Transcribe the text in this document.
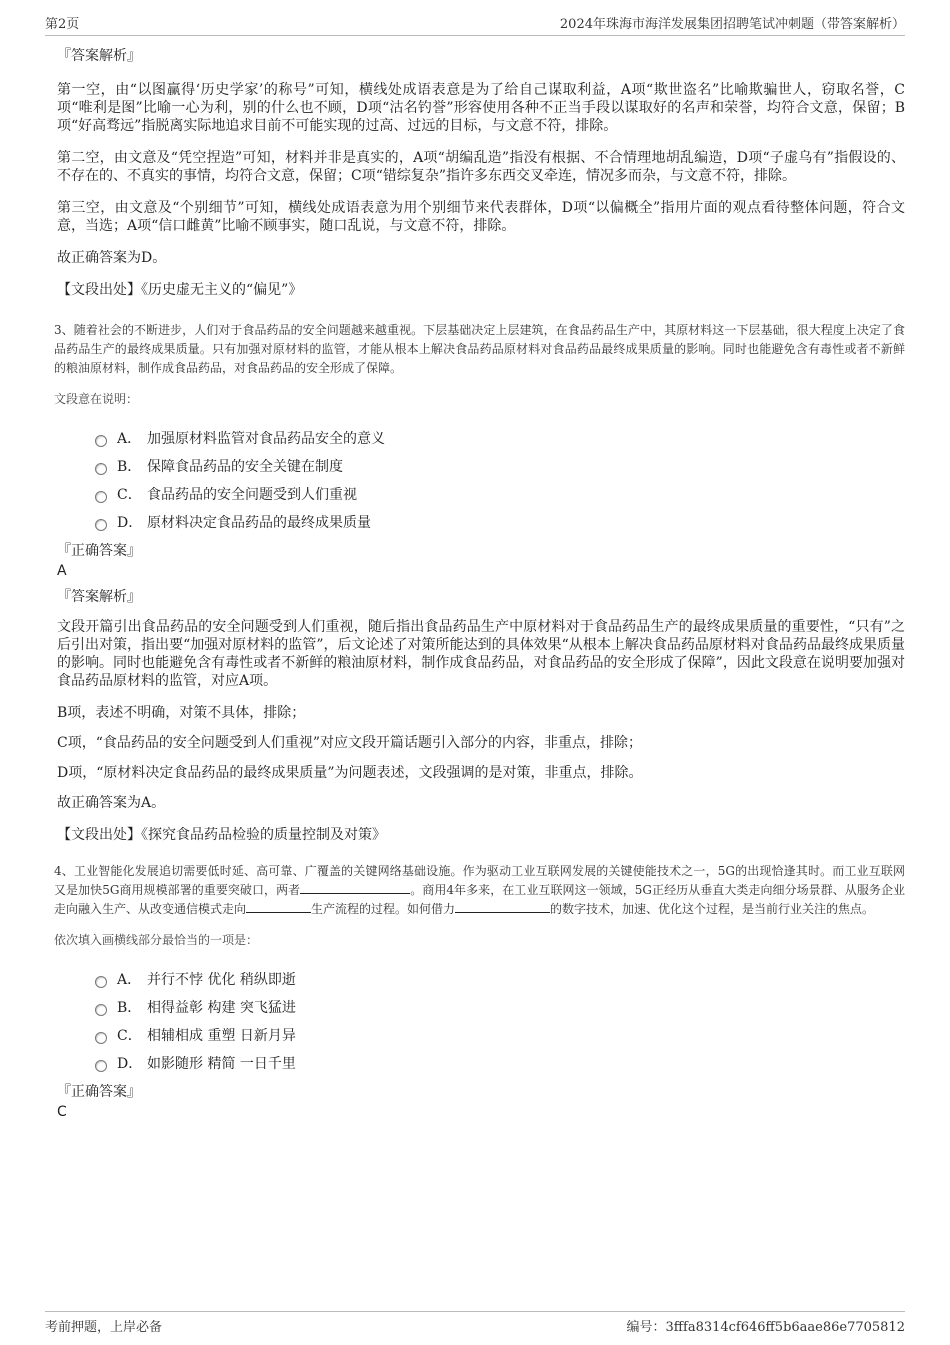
第2页	2024年珠海市海洋发展集团招聘笔试冲刺题（带答案解析）
『答案解析』

第一空，由“以图赢得‘历史学家’的称号”可知，横线处成语表意是为了给自己谋取利益，A项“欺世盗名”比喻欺骗世人，窃取名誉，C项“唯利是图”比喻一心为利，别的什么也不顾，D项“沽名钓誉”形容使用各种不正当手段以谋取好的名声和荣誉，均符合文意，保留；B项“好高骛远”指脱离实际地追求目前不可能实现的过高、过远的目标，与文意不符，排除。

第二空，由文意及“凭空捏造”可知，材料并非是真实的，A项“胡编乱造”指没有根据、不合情理地胡乱编造，D项“子虚乌有”指假设的、不存在的、不真实的事情，均符合文意，保留；C项“错综复杂”指许多东西交叉牵连，情况多而杂，与文意不符，排除。

第三空，由文意及“个别细节”可知，横线处成语表意为用个别细节来代表群体，D项“以偏概全”指用片面的观点看待整体问题，符合文意，当选；A项“信口雌黄”比喻不顾事实，随口乱说，与文意不符，排除。

故正确答案为D。

【文段出处】《历史虚无主义的“偏见”》

3、随着社会的不断进步，人们对于食品药品的安全问题越来越重视。下层基础决定上层建筑，在食品药品生产中，其原材料这一下层基础，很大程度上决定了食品药品生产的最终成果质量。只有加强对原材料的监管，才能从根本上解决食品药品原材料对食品药品最终成果质量的影响。同时也能避免含有毒性或者不新鲜的粮油原材料，制作成食品药品，对食品药品的安全形成了保障。
文段意在说明：
A． 加强原材料监管对食品药品安全的意义
B． 保障食品药品的安全关键在制度
C． 食品药品的安全问题受到人们重视
D． 原材料决定食品药品的最终成果质量
『正确答案』
A
『答案解析』

文段开篇引出食品药品的安全问题受到人们重视，随后指出食品药品生产中原材料对于食品药品生产的最终成果质量的重要性，“只有”之后引出对策，指出要“加强对原材料的监管”，后文论述了对策所能达到的具体效果“从根本上解决食品药品原材料对食品药品最终成果质量的影响。同时也能避免含有毒性或者不新鲜的粮油原材料，制作成食品药品，对食品药品的安全形成了保障”，因此文段意在说明要加强对食品药品原材料的监管，对应A项。

B项，表述不明确，对策不具体，排除；

C项，“食品药品的安全问题受到人们重视”对应文段开篇话题引入部分的内容，非重点，排除；

D项，“原材料决定食品药品的最终成果质量”为问题表述，文段强调的是对策，非重点，排除。

故正确答案为A。

【文段出处】《探究食品药品检验的质量控制及对策》

4、工业智能化发展追切需要低时延、高可靠、广覆盖的关键网络基础设施。作为驱动工业互联网发展的关键使能技术之一，5G的出现恰逢其时。而工业互联网又是加快5G商用规模部署的重要突破口，两者	。商用4年多来，在工业互联网这一领域，5G正经历从垂直大类走向细分场景群、从服务企业走向融入生产、从改变通信模式走向	生产流程的过程。如何借力	的数字技术，加速、优化这个过程，是当前行业关注的焦点。
依次填入画横线部分最恰当的一项是：
A． 并行不悖 优化 稍纵即逝
B． 相得益彰 构建 突飞猛进
C． 相辅相成 重塑 日新月异
D． 如影随形 精简 一日千里
『正确答案』
C
考前押题，上岸必备	编号：3fffa8314cf646ff5b6aae86e7705812
